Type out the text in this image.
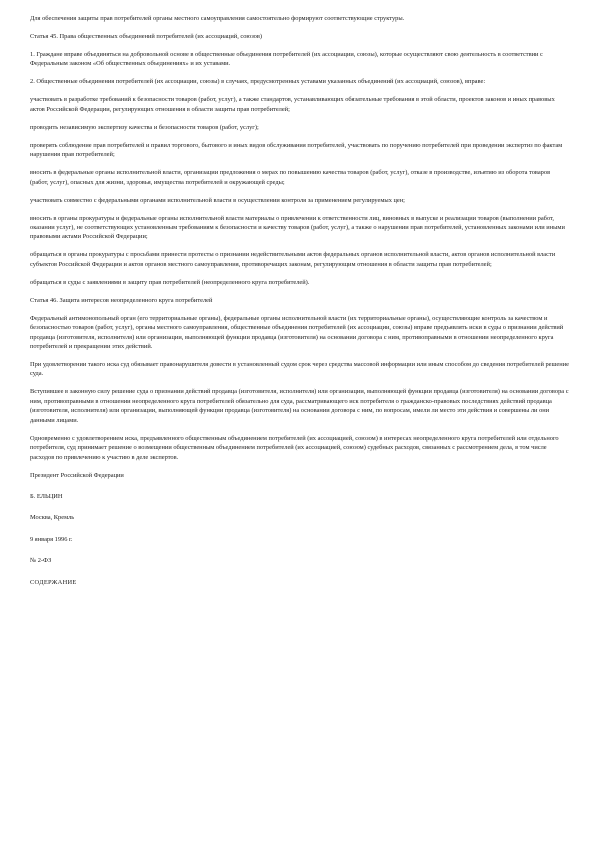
Для обеспечения защиты прав потребителей органы местного самоуправления самостоятельно формируют соответствующие структуры.

Статья 45. Права общественных объединений потребителей (их ассоциаций, союзов)

1. Граждане вправе объединяться на добровольной основе в общественные объединения потребителей (их ассоциации, союзы), которые осуществляют свою деятельность в соответствии с Федеральным законом «Об общественных объединениях» и их уставами.

2. Общественные объединения потребителей (их ассоциации, союзы) в случаях, предусмотренных уставами указанных объединений (их ассоциаций, союзов), вправе:

участвовать в разработке требований к безопасности товаров (работ, услуг), а также стандартов, устанавливающих обязательные требования в этой области, проектов законов и иных правовых актов Российской Федерации, регулирующих отношения в области защиты прав потребителей;

проводить независимую экспертизу качества и безопасности товаров (работ, услуг);

проверять соблюдение прав потребителей и правил торгового, бытового и иных видов обслуживания потребителей, участвовать по поручению потребителей при проведении экспертиз по фактам нарушения прав потребителей;

вносить в федеральные органы исполнительной власти, организации предложения о мерах по повышению качества товаров (работ, услуг), отказе в производстве, изъятию из оборота товаров (работ, услуг), опасных для жизни, здоровья, имущества потребителей и окружающей среды;

участвовать совместно с федеральными органами исполнительной власти в осуществлении контроля за применением регулируемых цен;

вносить в органы прокуратуры и федеральные органы исполнительной власти материалы о привлечении к ответственности лиц, виновных в выпуске и реализации товаров (выполнении работ, оказании услуг), не соответствующих установленным требованиям к безопасности и качеству товаров (работ, услуг), а также о нарушении прав потребителей, установленных законами или иными правовыми актами Российской Федерации;

обращаться в органы прокуратуры с просьбами принести протесты о признании недействительными актов федеральных органов исполнительной власти, актов органов исполнительной власти субъектов Российской Федерации и актов органов местного самоуправления, противоречащих законам, регулирующим отношения в области защиты прав потребителей;

обращаться в суды с заявлениями в защиту прав потребителей (неопределенного круга потребителей).

Статья 46. Защита интересов неопределенного круга потребителей

Федеральный антимонопольный орган (его территориальные органы), федеральные органы исполнительной власти (их территориальные органы), осуществляющие контроль за качеством и безопасностью товаров (работ, услуг), органы местного самоуправления, общественные объединения потребителей (их ассоциации, союзы) вправе предъявлять иски в суды о признании действий продавца (изготовителя, исполнителя) или организации, выполняющей функции продавца (изготовителя) на основании договора с ним, противоправными в отношении неопределенного круга потребителей и прекращении этих действий.

При удовлетворении такого иска суд обязывает правонарушителя довести в установленный судом срок через средства массовой информации или иным способом до сведения потребителей решение суда.

Вступившее в законную силу решение суда о признании действий продавца (изготовителя, исполнителя) или организации, выполняющей функции продавца (изготовителя) на основании договора с ним, противоправными в отношении неопределенного круга потребителей обязательно для суда, рассматривающего иск потребителя о гражданско-правовых последствиях действий продавца (изготовителя, исполнителя) или организации, выполняющей функции продавца (изготовителя) на основании договора с ним, по вопросам, имели ли место эти действия и совершены ли они данными лицами.

Одновременно с удовлетворением иска, предъявленного общественным объединением потребителей (их ассоциацией, союзом) в интересах неопределенного круга потребителей или отдельного потребителя, суд принимает решение о возмещении общественным объединением потребителей (их ассоциацией, союзом) судебных расходов, связанных с рассмотрением дела, в том числе расходов по привлечению к участию в деле экспертов.

Президент Российской Федерации

Б. ЕЛЬЦИН

Москва, Кремль

9 января 1996 г.

№ 2-ФЗ

СОДЕРЖАНИЕ
